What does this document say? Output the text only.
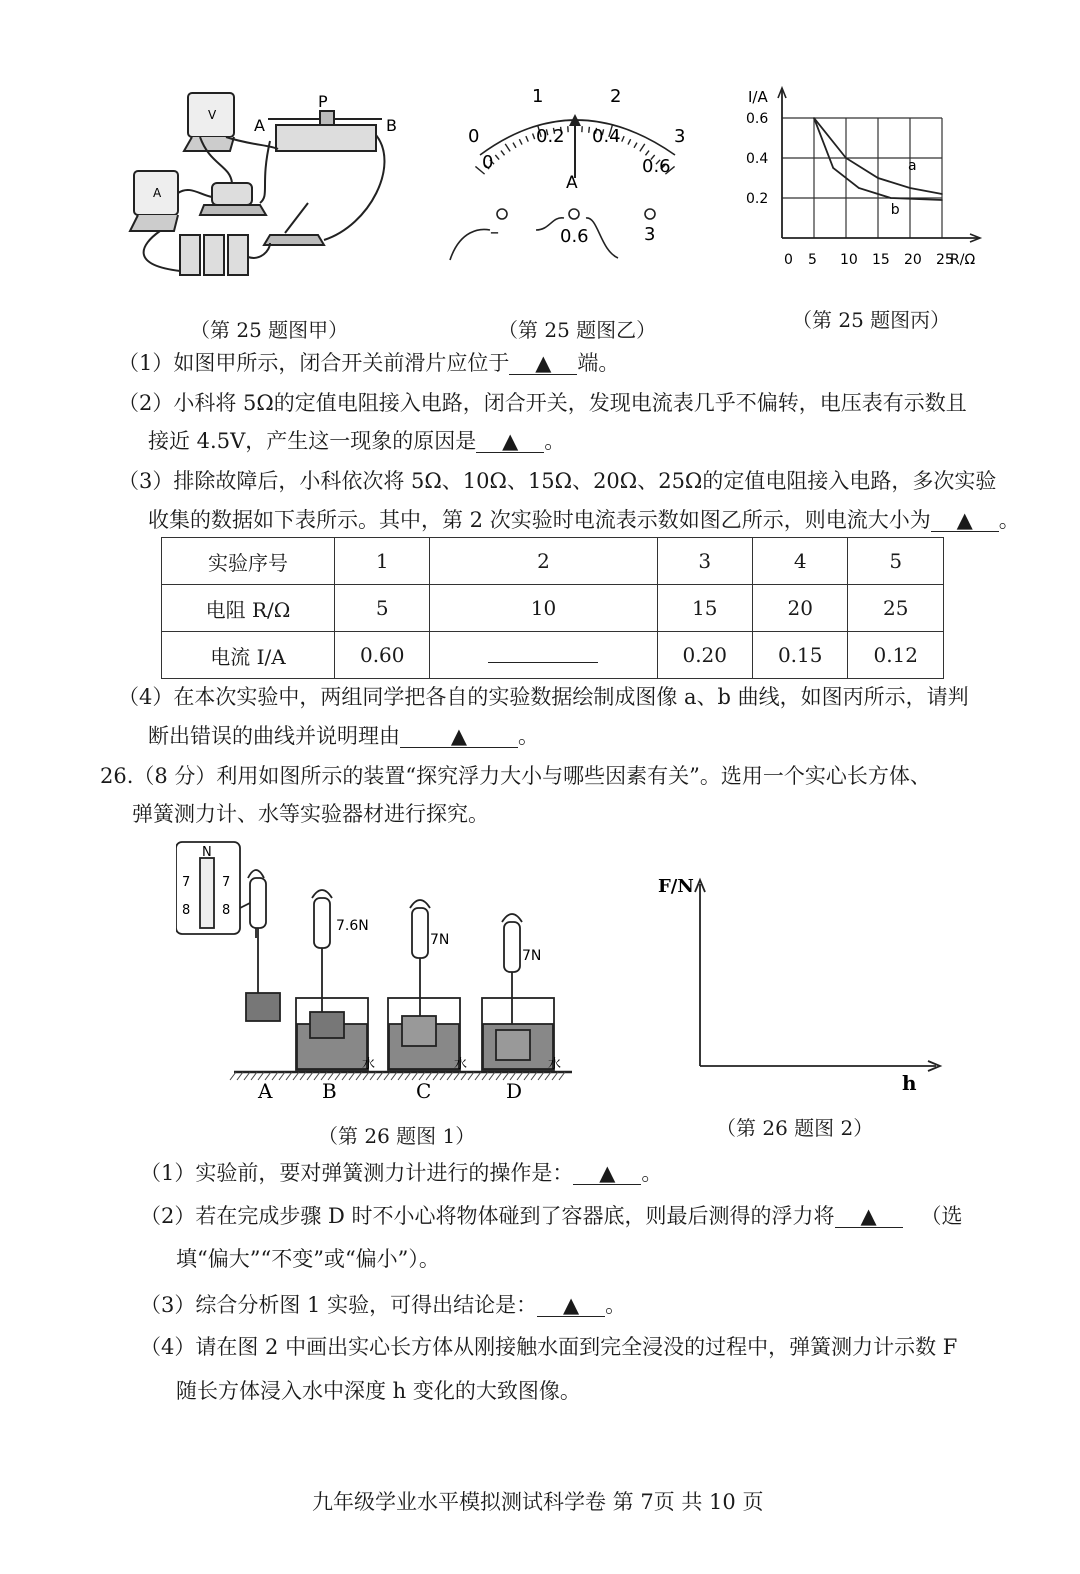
V
A
A
P
B
（第 25 题图甲）
0
1	2
3
0
0.2 0.4
0.6
A
–	0.6	3
（第 25 题图乙）
0 5 10 15 20 25
0.2
0.4
0.6
I/A
R/Ω
a
b
（第 25 题图丙）
（1）如图甲所示，闭合开关前滑片应位于 ▲ 端。
（2）小科将 5Ω的定值电阻接入电路，闭合开关，发现电流表几乎不偏转，电压表有示数且
接近 4.5V，产生这一现象的原因是 ▲ 。
（3）排除故障后，小科依次将 5Ω、10Ω、15Ω、20Ω、25Ω的定值电阻接入电路，多次实验
收集的数据如下表所示。其中，第 2 次实验时电流表示数如图乙所示，则电流大小为 ▲ 。
实验序号	1	2	3	4	5
电阻 R/Ω	5	10	15	20	25
电流 I/A	0.60		0.20	0.15	0.12
（4）在本次实验中，两组同学把各自的实验数据绘制成图像 a、b 曲线，如图丙所示，请判
断出错误的曲线并说明理由 ▲ 。
26.（8 分）利用如图所示的装置“探究浮力大小与哪些因素有关”。选用一个实心长方体、
弹簧测力计、水等实验器材进行探究。
N
7 7
8 8
7.6N
7N
7N
水	水	水
A B	C	D
（第 26 题图 1）
F/N
h
（第 26 题图 2）
（1）实验前，要对弹簧测力计进行的操作是： ▲ 。
（2）若在完成步骤 D 时不小心将物体碰到了容器底，则最后测得的浮力将 ▲ （选
填“偏大”“不变”或“偏小”）。
（3）综合分析图 1 实验，可得出结论是： ▲ 。
（4）请在图 2 中画出实心长方体从刚接触水面到完全浸没的过程中，弹簧测力计示数 F
随长方体浸入水中深度 h 变化的大致图像。
九年级学业水平模拟测试科学卷 第 7页 共 10 页
